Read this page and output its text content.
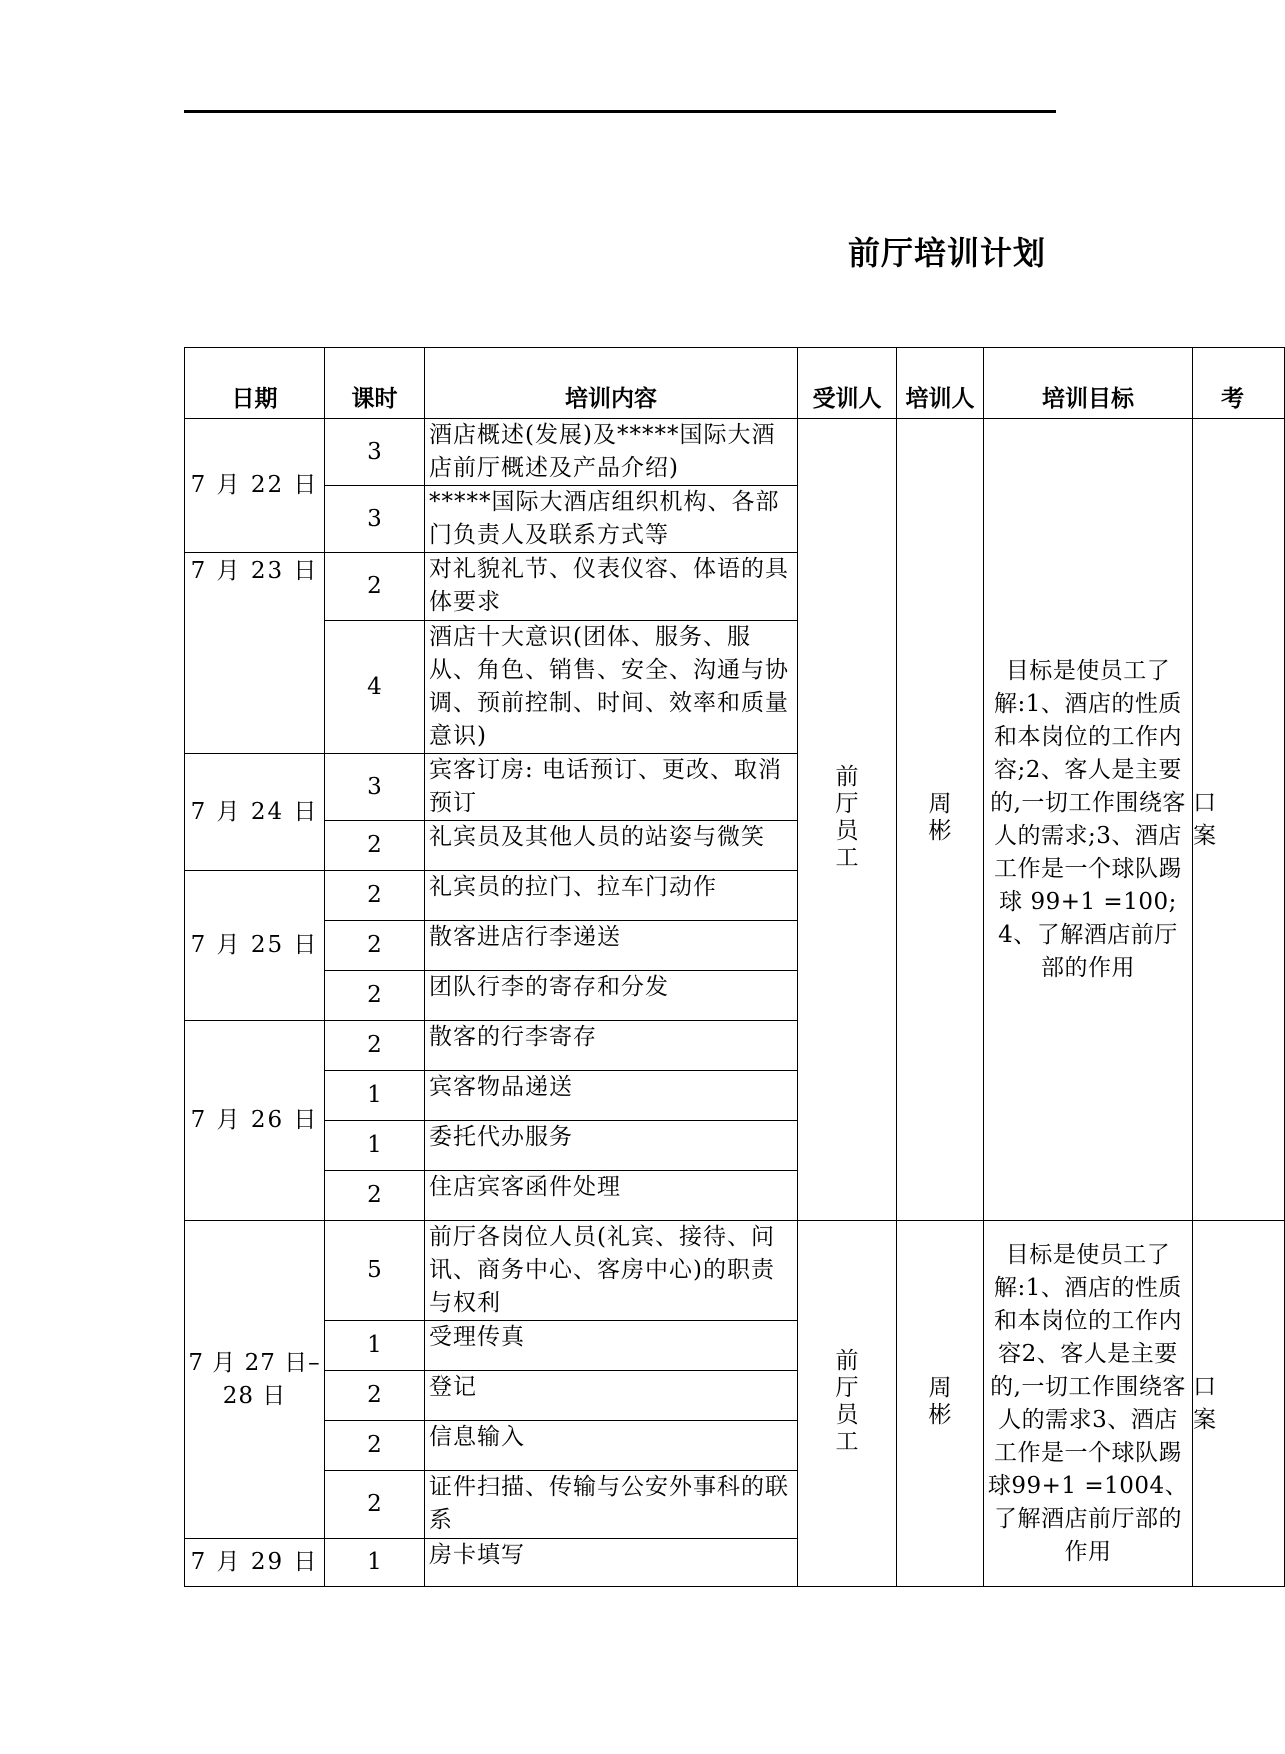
前厅培训计划
日期	课时	培训内容	受训人	培训人	培训目标	考
7 月 22 日	3	酒店概述(发展)及*****国际大酒店前厅概述及产品介绍)	前厅员工	周彬	目标是使员工了解:1、酒店的性质和本岗位的工作内容;2、客人是主要的,一切工作围绕客人的需求;3、酒店工作是一个球队踢球 99+1 =100; 4、了解酒店前厅部的作用	口案
	3	*****国际大酒店组织机构、各部门负责人及联系方式等				
7 月 23 日	2	对礼貌礼节、仪表仪容、体语的具体要求				
	4	酒店十大意识(团体、服务、服从、角色、销售、安全、沟通与协调、预前控制、时间、效率和质量意识)				
7 月 24 日	3	宾客订房: 电话预订、更改、取消预订				
	2	礼宾员及其他人员的站姿与微笑				
7 月 25 日	2	礼宾员的拉门、拉车门动作				
	2	散客进店行李递送				
	2	团队行李的寄存和分发				
7 月 26 日	2	散客的行李寄存				
	1	宾客物品递送				
	1	委托代办服务				
	2	住店宾客函件处理				
7 月 27 日–28 日	5	前厅各岗位人员(礼宾、接待、问讯、商务中心、客房中心)的职责与权利	前厅员工	周彬	目标是使员工了解:1、酒店的性质和本岗位的工作内容2、客人是主要的,一切工作围绕客人的需求3、酒店工作是一个球队踢球99+1 =1004、了解酒店前厅部的作用	口案
	1	受理传真				
	2	登记				
	2	信息输入				
	2	证件扫描、传输与公安外事科的联系				
7 月 29 日	1	房卡填写				
